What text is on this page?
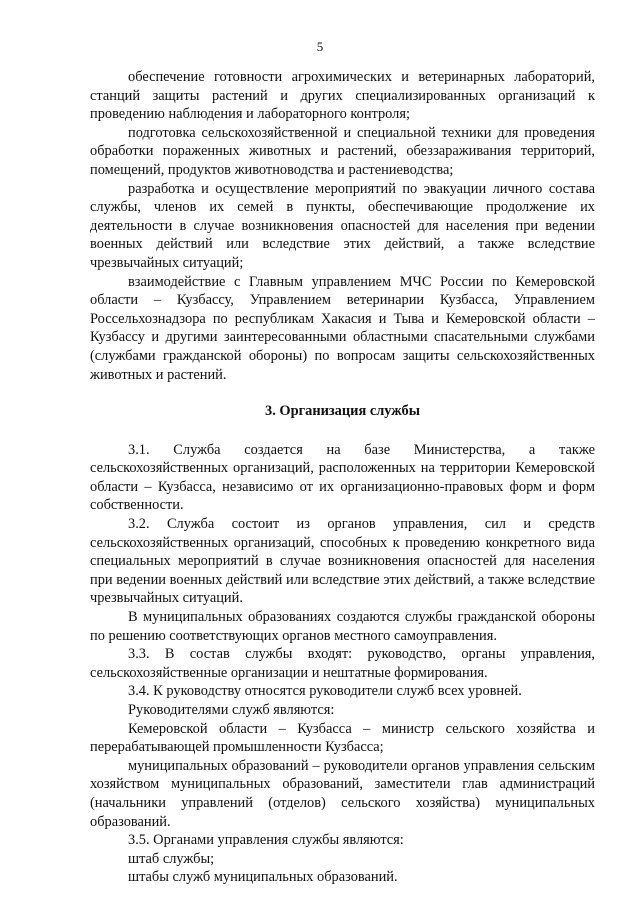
5

обеспечение готовности агрохимических и ветеринарных лабораторий, станций защиты растений и других специализированных организаций к проведению наблюдения и лабораторного контроля;

подготовка сельскохозяйственной и специальной техники для проведения обработки пораженных животных и растений, обеззараживания территорий, помещений, продуктов животноводства и растениеводства;

разработка и осуществление мероприятий по эвакуации личного состава службы, членов их семей в пункты, обеспечивающие продолжение их деятельности в случае возникновения опасностей для населения при ведении военных действий или вследствие этих действий, а также вследствие чрезвычайных ситуаций;

взаимодействие с Главным управлением МЧС России по Кемеровской области – Кузбассу, Управлением ветеринарии Кузбасса, Управлением Россельхознадзора по республикам Хакасия и Тыва и Кемеровской области – Кузбассу и другими заинтересованными областными спасательными службами (службами гражданской обороны) по вопросам защиты сельскохозяйственных животных и растений.

3. Организация службы

3.1. Служба создается на базе Министерства, а также сельскохозяйственных организаций, расположенных на территории Кемеровской области – Кузбасса, независимо от их организационно-правовых форм и форм собственности.

3.2. Служба состоит из органов управления, сил и средств сельскохозяйственных организаций, способных к проведению конкретного вида специальных мероприятий в случае возникновения опасностей для населения при ведении военных действий или вследствие этих действий, а также вследствие чрезвычайных ситуаций.

В муниципальных образованиях создаются службы гражданской обороны по решению соответствующих органов местного самоуправления.

3.3. В состав службы входят: руководство, органы управления, сельскохозяйственные организации и нештатные формирования.

3.4. К руководству относятся руководители служб всех уровней.

Руководителями служб являются:

Кемеровской области – Кузбасса – министр сельского хозяйства и перерабатывающей промышленности Кузбасса;

муниципальных образований – руководители органов управления сельским хозяйством муниципальных образований, заместители глав администраций (начальники управлений (отделов) сельского хозяйства) муниципальных образований.

3.5. Органами управления службы являются:

штаб службы;

штабы служб муниципальных образований.
